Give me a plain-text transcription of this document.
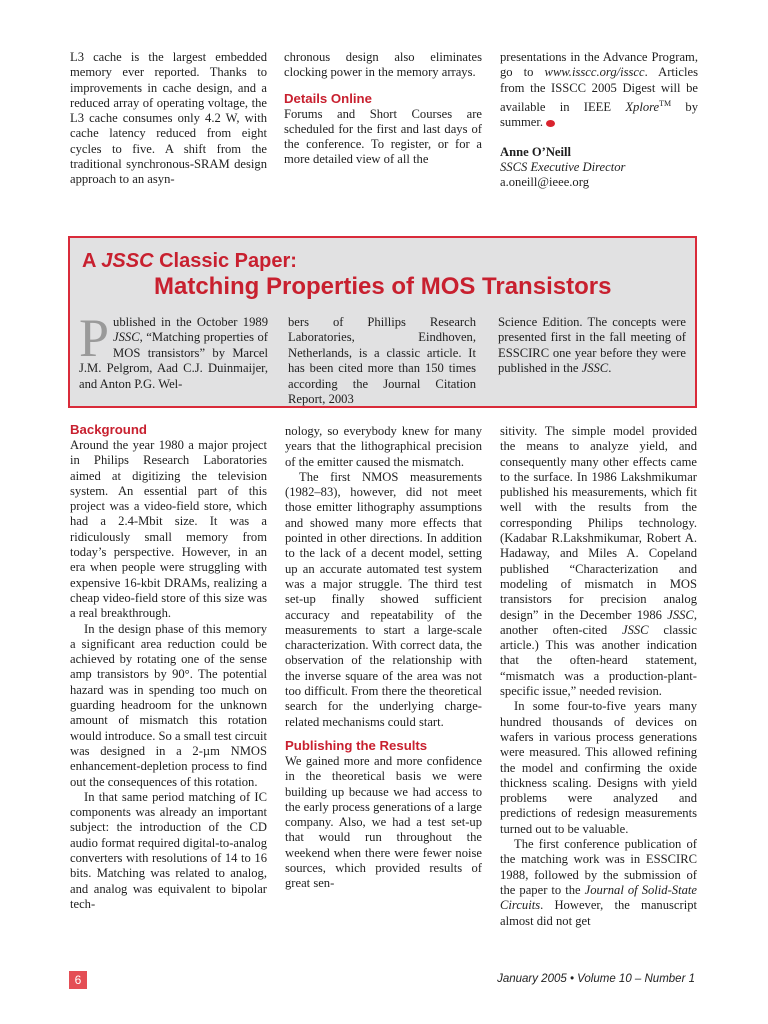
L3 cache is the largest embedded memory ever reported. Thanks to improvements in cache design, and a reduced array of operating voltage, the L3 cache consumes only 4.2 W, with cache latency reduced from eight cycles to five. A shift from the traditional synchronous-SRAM design approach to an asyn-

chronous design also eliminates clocking power in the memory arrays.

Details Online

Forums and Short Courses are scheduled for the first and last days of the conference. To register, or for a more detailed view of all the

presentations in the Advance Program, go to www.isscc.org/isscc. Articles from the ISSCC 2005 Digest will be available in IEEE Xplore™ by summer.

Anne O’Neill

SSCS Executive Director

a.oneill@ieee.org

A JSSC Classic Paper:
Matching Properties of MOS Transistors
Published in the October 1989 JSSC, “Matching properties of MOS transistors” by Marcel J.M. Pelgrom, Aad C.J. Duinmaijer, and Anton P.G. Wel-
bers of Phillips Research Laboratories, Eindhoven, Netherlands, is a classic article. It has been cited more than 150 times according the Journal Citation Report, 2003
Science Edition. The concepts were presented first in the fall meeting of ESSCIRC one year before they were published in the JSSC.
Background

Around the year 1980 a major project in Philips Research Laboratories aimed at digitizing the television system. An essential part of this project was a video-field store, which had a 2.4-Mbit size. It was a ridiculously small memory from today’s perspective. However, in an era when people were struggling with expensive 16-kbit DRAMs, realizing a cheap video-field store of this size was a real breakthrough.

In the design phase of this memory a significant area reduction could be achieved by rotating one of the sense amp transistors by 90°. The potential hazard was in spending too much on guarding headroom for the unknown amount of mismatch this rotation would introduce. So a small test circuit was designed in a 2-µm NMOS enhancement-depletion process to find out the consequences of this rotation.

In that same period matching of IC components was already an important subject: the introduction of the CD audio format required digital-to-analog converters with resolutions of 14 to 16 bits. Matching was related to analog, and analog was equivalent to bipolar tech-

nology, so everybody knew for many years that the lithographical precision of the emitter caused the mismatch.

The first NMOS measurements (1982–83), however, did not meet those emitter lithography assumptions and showed many more effects that pointed in other directions. In addition to the lack of a decent model, setting up an accurate automated test system was a major struggle. The third test set-up finally showed sufficient accuracy and repeatability of the measurements to start a large-scale characterization. With correct data, the observation of the relationship with the inverse square of the area was not too difficult. From there the theoretical search for the underlying charge-related mechanisms could start.

Publishing the Results

We gained more and more confidence in the theoretical basis we were building up because we had access to the early process generations of a large company. Also, we had a test set-up that would run throughout the weekend when there were fewer noise sources, which provided results of great sen-

sitivity. The simple model provided the means to analyze yield, and consequently many other effects came to the surface. In 1986 Lakshmikumar published his measurements, which fit well with the results from the corresponding Philips technology. (Kadabar R.Lakshmikumar, Robert A. Hadaway, and Miles A. Copeland published “Characterization and modeling of mismatch in MOS transistors for precision analog design” in the December 1986 JSSC, another often-cited JSSC classic article.) This was another indication that the often-heard statement, “mismatch was a production-plant-specific issue,” needed revision.

In some four-to-five years many hundred thousands of devices on wafers in various process generations were measured. This allowed refining the model and confirming the oxide thickness scaling. Designs with yield problems were analyzed and predictions of redesign measurements turned out to be valuable.

The first conference publication of the matching work was in ESSCIRC 1988, followed by the submission of the paper to the Journal of Solid-State Circuits. However, the manuscript almost did not get

6	January 2005 • Volume 10 – Number 1
